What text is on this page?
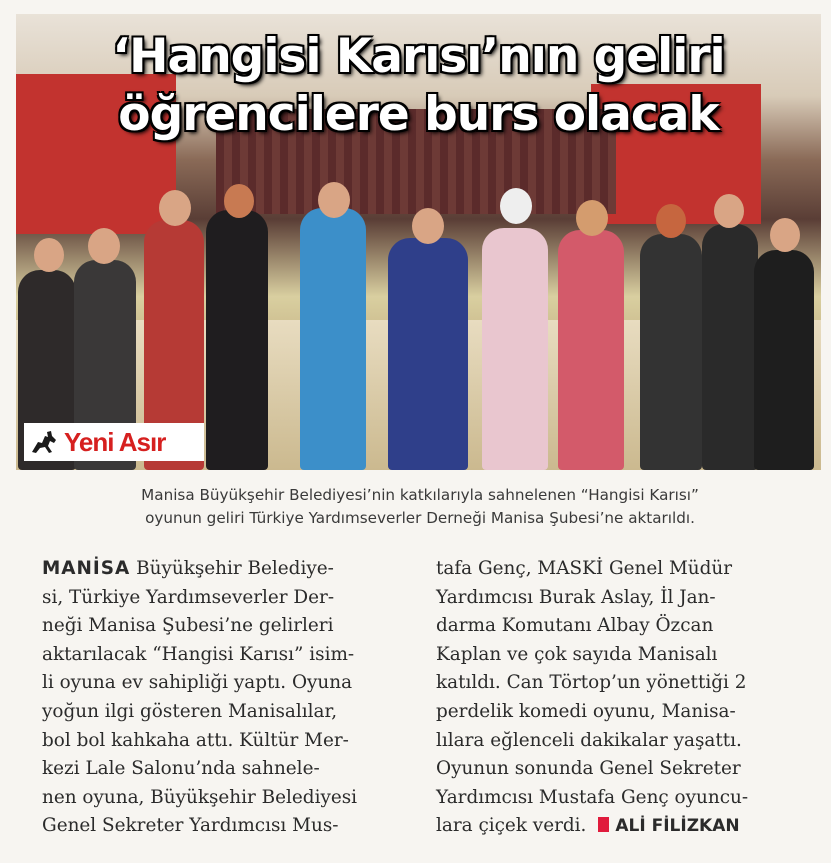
‘Hangisi Karısı’nın geliri
öğrencilere burs olacak
Yeni Asır
Manisa Büyükşehir Belediyesi’nin katkılarıyla sahnelenen “Hangisi Karısı”
oyunun geliri Türkiye Yardımseverler Derneği Manisa Şubesi’ne aktarıldı.
MANİSA Büyükşehir Belediye-
si, Türkiye Yardımseverler Der-
neği Manisa Şubesi’ne gelirleri
aktarılacak “Hangisi Karısı” isim-
li oyuna ev sahipliği yaptı. Oyuna
yoğun ilgi gösteren Manisalılar,
bol bol kahkaha attı. Kültür Mer-
kezi Lale Salonu’nda sahnele-
nen oyuna, Büyükşehir Belediyesi
Genel Sekreter Yardımcısı Mus-
tafa Genç, MASKİ Genel Müdür
Yardımcısı Burak Aslay, İl Jan-
darma Komutanı Albay Özcan
Kaplan ve çok sayıda Manisalı
katıldı. Can Törtop’un yönettiği 2
perdelik komedi oyunu, Manisa-
lılara eğlenceli dakikalar yaşattı.
Oyunun sonunda Genel Sekreter
Yardımcısı Mustafa Genç oyuncu-
lara çiçek verdi. ALİ FİLİZKAN
